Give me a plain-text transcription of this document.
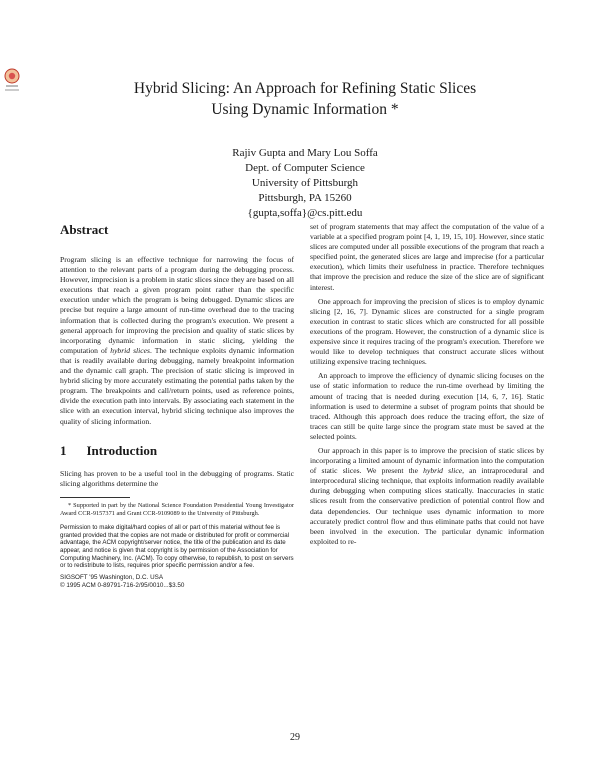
Hybrid Slicing: An Approach for Refining Static Slices
Using Dynamic Information *
Rajiv Gupta and Mary Lou Soffa
Dept. of Computer Science
University of Pittsburgh
Pittsburgh, PA 15260
{gupta,soffa}@cs.pitt.edu
Abstract

Program slicing is an effective technique for narrowing the focus of attention to the relevant parts of a program during the debugging process. However, imprecision is a problem in static slices since they are based on all executions that reach a given program point rather than the specific execution under which the program is being debugged. Dynamic slices are precise but require a large amount of run-time overhead due to the tracing information that is collected during the program's execution. We present a general approach for improving the precision and quality of static slices by incorporating dynamic information in static slicing, yielding the computation of hybrid slices. The technique exploits dynamic information that is readily available during debugging, namely breakpoint information and the dynamic call graph. The precision of static slicing is improved in hybrid slicing by more accurately estimating the potential paths taken by the program. The breakpoints and call/return points, used as reference points, divide the execution path into intervals. By associating each statement in the slice with an execution interval, hybrid slicing technique also improves the quality of slicing information.

1 Introduction

Slicing has proven to be a useful tool in the debugging of programs. Static slicing algorithms determine the

* Supported in part by the National Science Foundation Presidential Young Investigator Award CCR-9157371 and Grant CCR-9109089 to the University of Pittsburgh.

Permission to make digital/hard copies of all or part of this material without fee is granted provided that the copies are not made or distributed for profit or commercial advantage, the ACM copyright/server notice, the title of the publication and its date appear, and notice is given that copyright is by permission of the Association for Computing Machinery, Inc. (ACM). To copy otherwise, to republish, to post on servers or to redistribute to lists, requires prior specific permission and/or a fee.

SIGSOFT '95 Washington, D.C. USA
© 1995 ACM 0-89791-716-2/95/0010...$3.50

set of program statements that may affect the computation of the value of a variable at a specified program point [4, 1, 19, 15, 10]. However, since static slices are computed under all possible executions of the program that reach a specified point, the generated slices are large and imprecise (for a particular execution), which limits their usefulness in practice. Therefore techniques that improve the precision and reduce the size of the slice are of significant interest.

One approach for improving the precision of slices is to employ dynamic slicing [2, 16, 7]. Dynamic slices are constructed for a single program execution in contrast to static slices which are constructed for all possible executions of the program. However, the construction of a dynamic slice is expensive since it requires tracing of the program's execution. Therefore we would like to develop techniques that construct accurate slices without utilizing expensive tracing techniques.

An approach to improve the efficiency of dynamic slicing focuses on the use of static information to reduce the run-time overhead by limiting the amount of tracing that is needed during execution [14, 6, 7, 16]. Static information is used to determine a subset of program points that should be traced. Although this approach does reduce the tracing effort, the size of traces can still be quite large since the program state must be saved at the selected points.

Our approach in this paper is to improve the precision of static slices by incorporating a limited amount of dynamic information into the computation of static slices. We present the hybrid slice, an intraprocedural and interprocedural slicing technique, that exploits information readily available during debugging when computing slices statically. Inaccuracies in static slices result from the conservative prediction of potential control flow and data dependencies. Our technique uses dynamic information to more accurately predict control flow and thus eliminate paths that could not have been involved in the execution. The particular dynamic information exploited to re-

29
